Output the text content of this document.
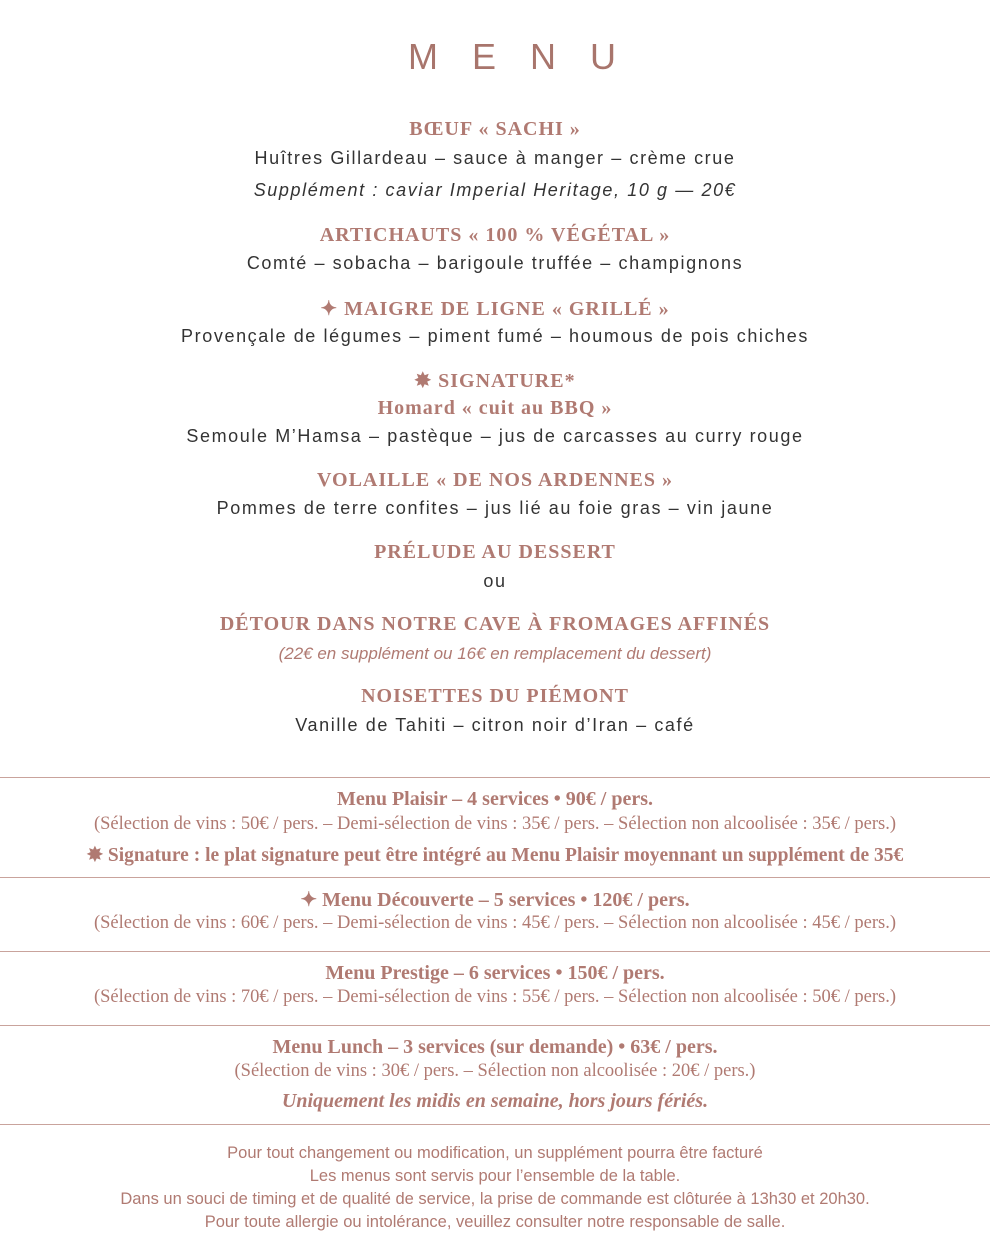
MENU
BŒUF « SACHI »
Huîtres Gillardeau – sauce à manger – crème crue
Supplément : caviar Imperial Heritage, 10 g — 20€
ARTICHAUTS « 100 % VÉGÉTAL »
Comté – sobacha – barigoule truffée – champignons
✦ MAIGRE DE LIGNE « GRILLÉ »
Provençale de légumes – piment fumé – houmous de pois chiches
✸ SIGNATURE*
Homard « cuit au BBQ »
Semoule M’Hamsa – pastèque – jus de carcasses au curry rouge
VOLAILLE « DE NOS ARDENNES »
Pommes de terre confites – jus lié au foie gras – vin jaune
PRÉLUDE AU DESSERT
ou
DÉTOUR DANS NOTRE CAVE À FROMAGES AFFINÉS
(22€ en supplément ou 16€ en remplacement du dessert)
NOISETTES DU PIÉMONT
Vanille de Tahiti – citron noir d’Iran – café
Menu Plaisir – 4 services • 90€ / pers.
(Sélection de vins : 50€ / pers. – Demi-sélection de vins : 35€ / pers. – Sélection non alcoolisée : 35€ / pers.)
✸ Signature : le plat signature peut être intégré au Menu Plaisir moyennant un supplément de 35€
✦ Menu Découverte – 5 services • 120€ / pers.
(Sélection de vins : 60€ / pers. – Demi-sélection de vins : 45€ / pers. – Sélection non alcoolisée : 45€ / pers.)
Menu Prestige – 6 services • 150€ / pers.
(Sélection de vins : 70€ / pers. – Demi-sélection de vins : 55€ / pers. – Sélection non alcoolisée : 50€ / pers.)
Menu Lunch – 3 services (sur demande) • 63€ / pers.
(Sélection de vins : 30€ / pers. – Sélection non alcoolisée : 20€ / pers.)
Uniquement les midis en semaine, hors jours fériés.
Pour tout changement ou modification, un supplément pourra être facturé
Les menus sont servis pour l’ensemble de la table.
Dans un souci de timing et de qualité de service, la prise de commande est clôturée à 13h30 et 20h30.
Pour toute allergie ou intolérance, veuillez consulter notre responsable de salle.
